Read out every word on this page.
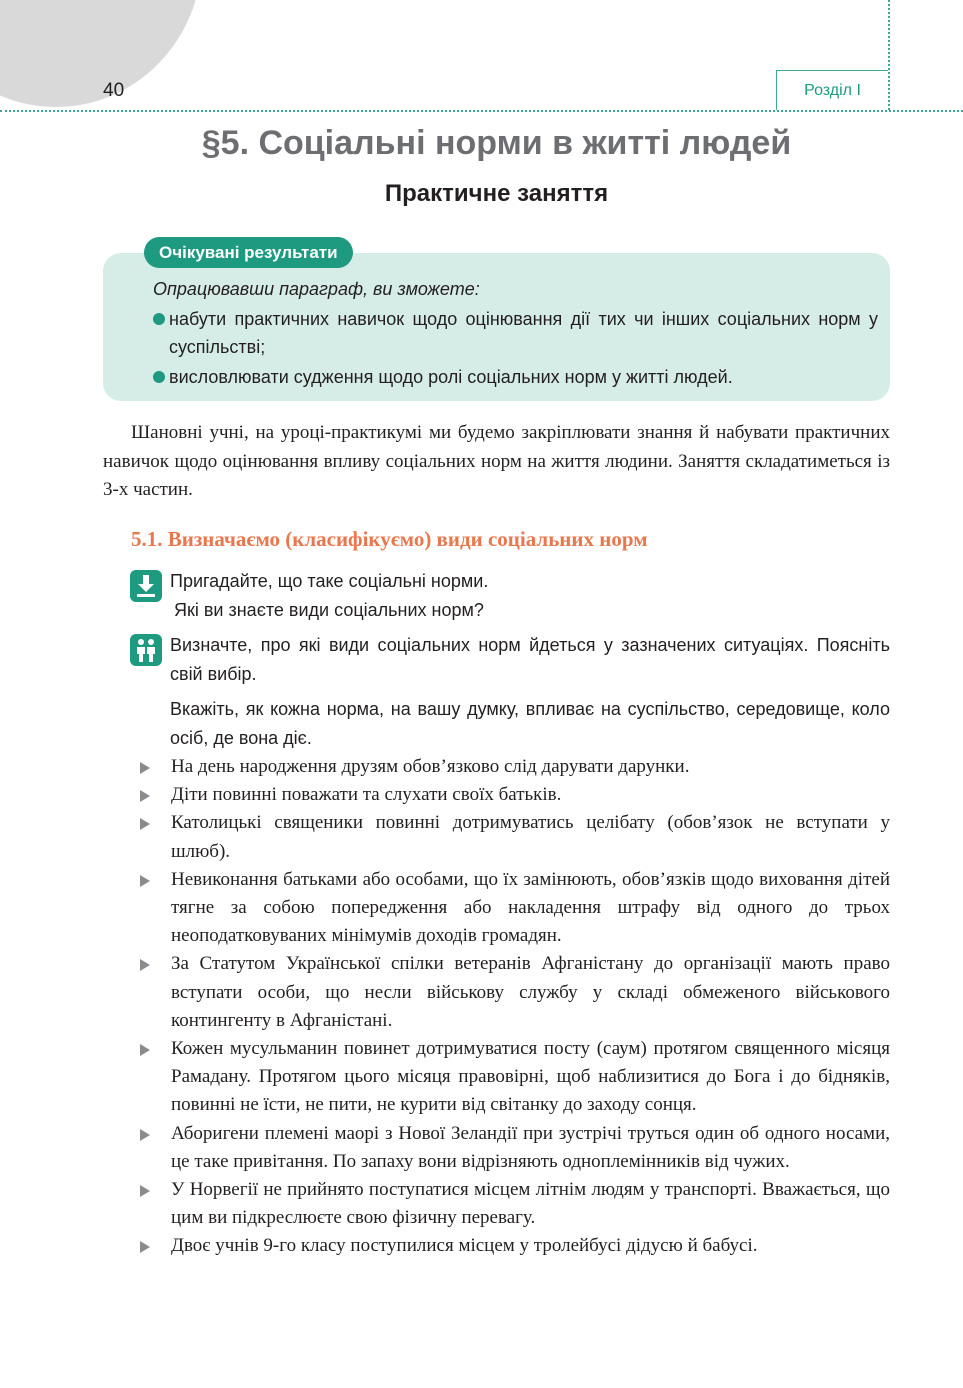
40	Розділ І
§5. Соціальні норми в житті людей
Практичне заняття

Опрацювавши параграф, ви зможете:

набути практичних навичок щодо оцінювання дії тих чи інших соціальних норм у суспільстві;

висловлювати судження щодо ролі соціальних норм у житті людей.

Очікувані результати

Шановні учні, на уроці-практикумі ми будемо закріплювати знання й набувати практичних навичок щодо оцінювання впливу соціальних норм на життя людини. Заняття складатиметься із 3-х частин.

5.1. Визначаємо (класифікуємо) види соціальних норм

Пригадайте, що таке соціальні норми.

Які ви знаєте види соціальних норм?

Визначте, про які види соціальних норм йдеться у зазначених ситуаціях. Поясніть свій вибір.

Вкажіть, як кожна норма, на вашу думку, впливає на суспільство, середовище, коло осіб, де вона діє.

На день народження друзям обов’язково слід дарувати дарунки.
Діти повинні поважати та слухати своїх батьків.
Католицькі священики повинні дотримуватись целібату (обов’язок не вступати у шлюб).
Невиконання батьками або особами, що їх замінюють, обов’язків щодо виховання дітей тягне за собою попередження або накладення штрафу від одного до трьох неоподатковуваних мінімумів доходів громадян.
За Статутом Української спілки ветеранів Афганістану до організації мають право вступати особи, що несли військову службу у складі обмеженого військового контингенту в Афганістані.
Кожен мусульманин повинет дотримуватися посту (саум) протягом священного місяця Рамадану. Протягом цього місяця правовірні, щоб наблизитися до Бога і до бідняків, повинні не їсти, не пити, не курити від світанку до заходу сонця.
Аборигени племені маорі з Нової Зеландії при зустрічі труться один об одного носами, це таке привітання. По запаху вони відрізняють одноплемінників від чужих.
У Норвегії не прийнято поступатися місцем літнім людям у транспорті. Вважається, що цим ви підкреслюєте свою фізичну перевагу.
Двоє учнів 9-го класу поступилися місцем у тролейбусі дідусю й бабусі.
